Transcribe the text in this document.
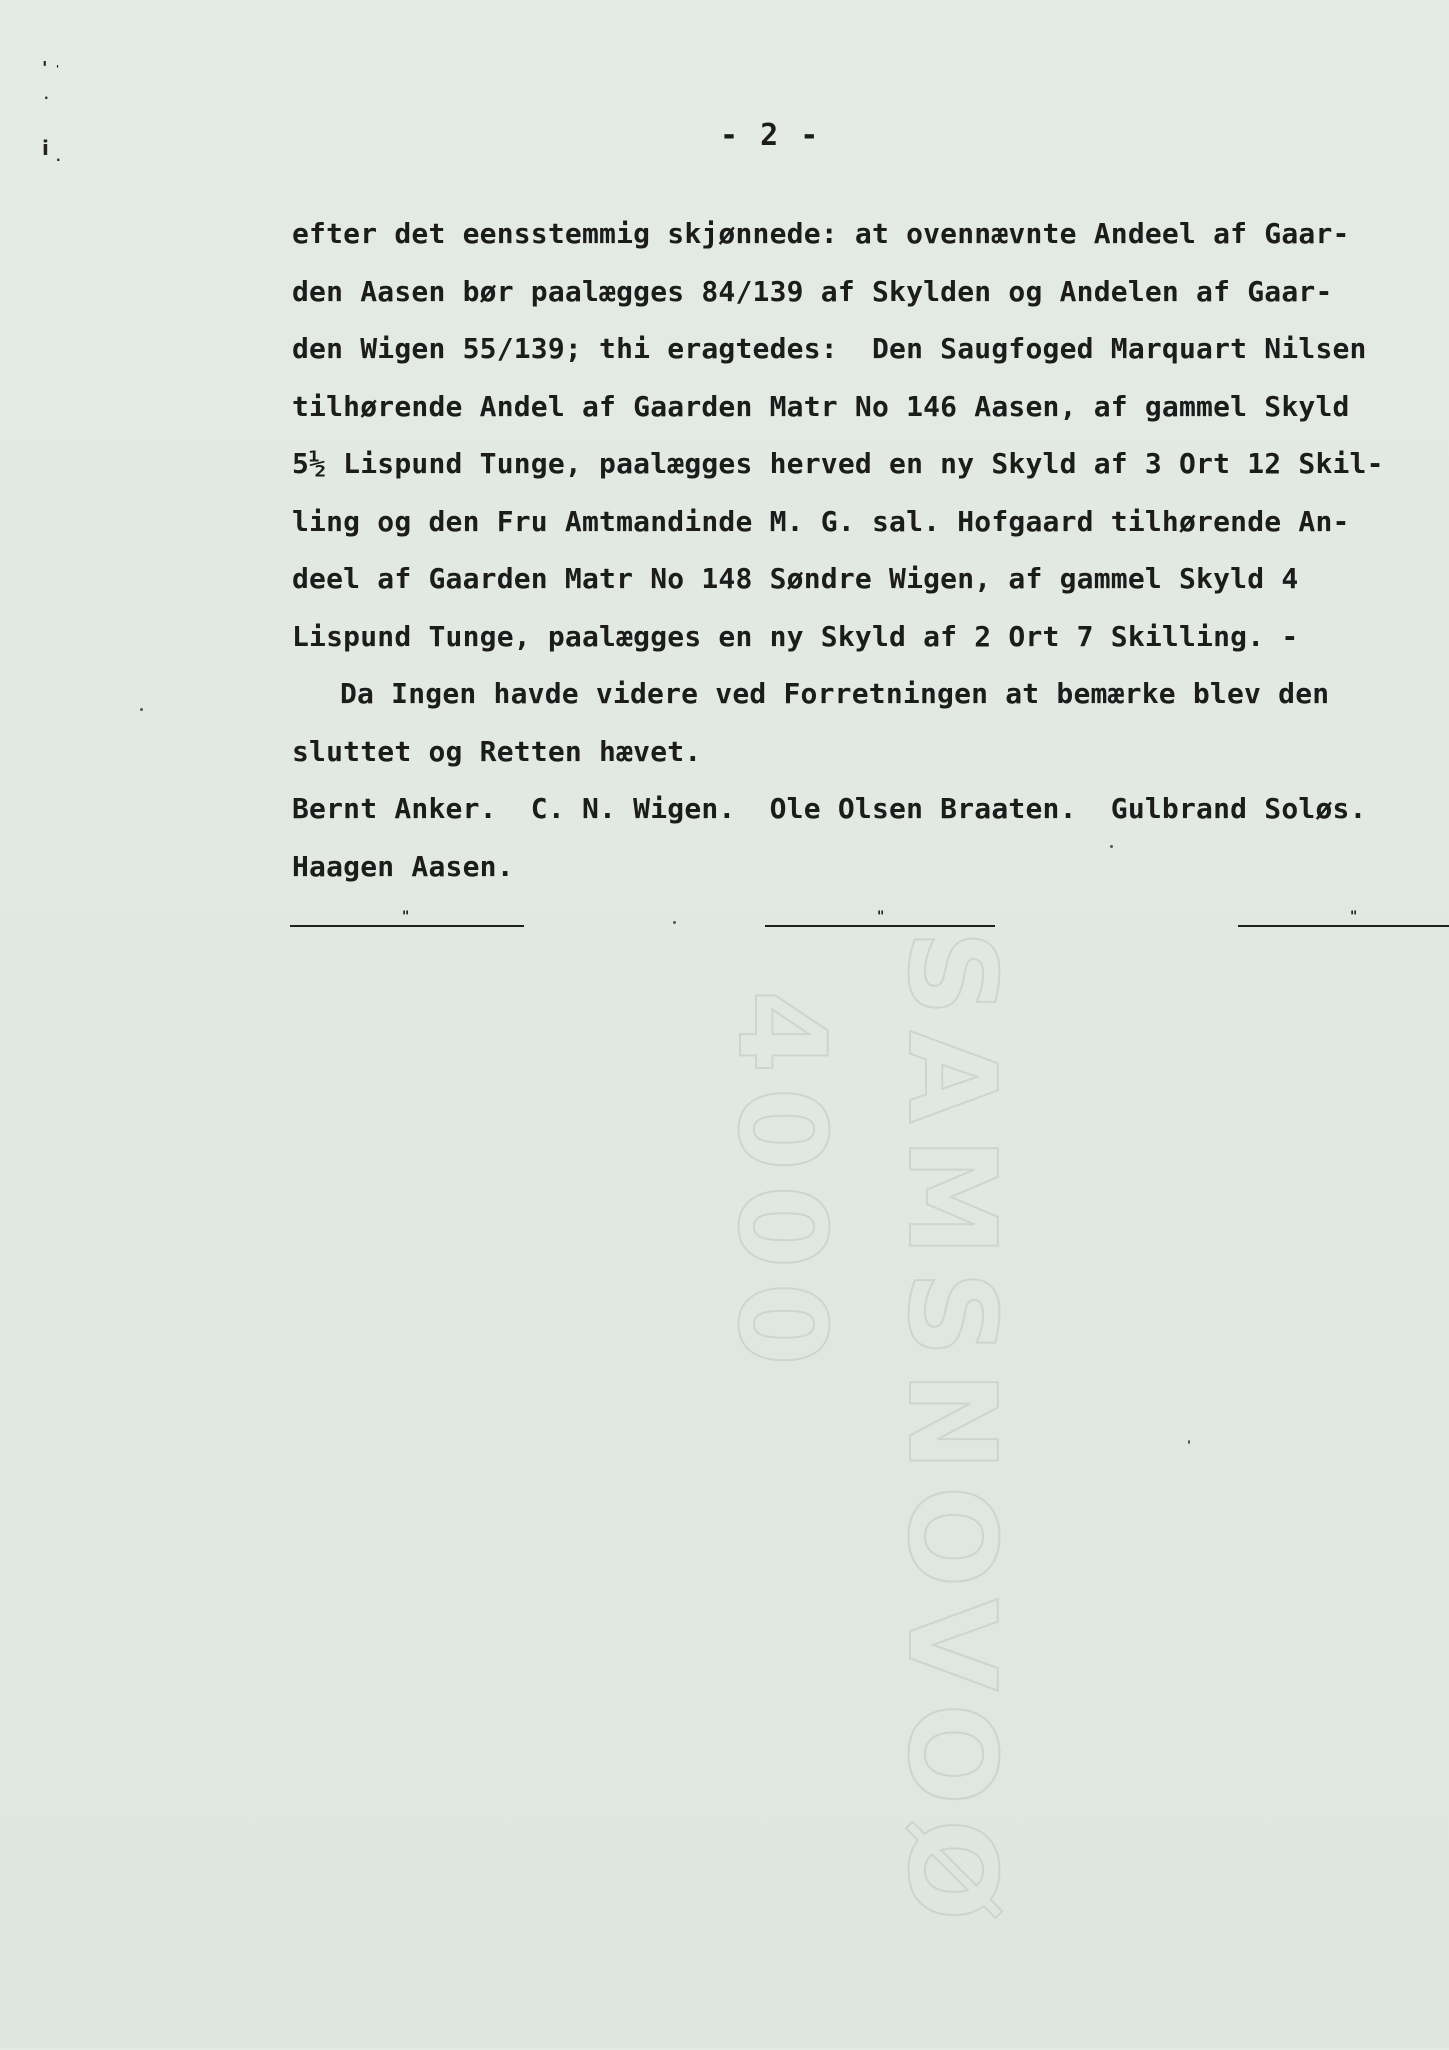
SAMSNOVOØ
4000
' '
.
i .
- 2 -
efter det eensstemmig skjønnede: at ovennævnte Andeel af Gaar-
den Aasen bør paalægges 84/139 af Skylden og Andelen af Gaar-
den Wigen 55/139; thi eragtedes:  Den Saugfoged Marquart Nilsen
tilhørende Andel af Gaarden Matr No 146 Aasen, af gammel Skyld
5½ Lispund Tunge, paalægges herved en ny Skyld af 3 Ort 12 Skil-
ling og den Fru Amtmandinde M. G. sal. Hofgaard tilhørende An-
deel af Gaarden Matr No 148 Søndre Wigen, af gammel Skyld 4
Lispund Tunge, paalægges en ny Skyld af 2 Ort 7 Skilling. -
Da Ingen havde videre ved Forretningen at bemærke blev den
sluttet og Retten hævet.
Bernt Anker.  C. N. Wigen.  Ole Olsen Braaten.  Gulbrand Soløs.
Haagen Aasen.
"	"	"
